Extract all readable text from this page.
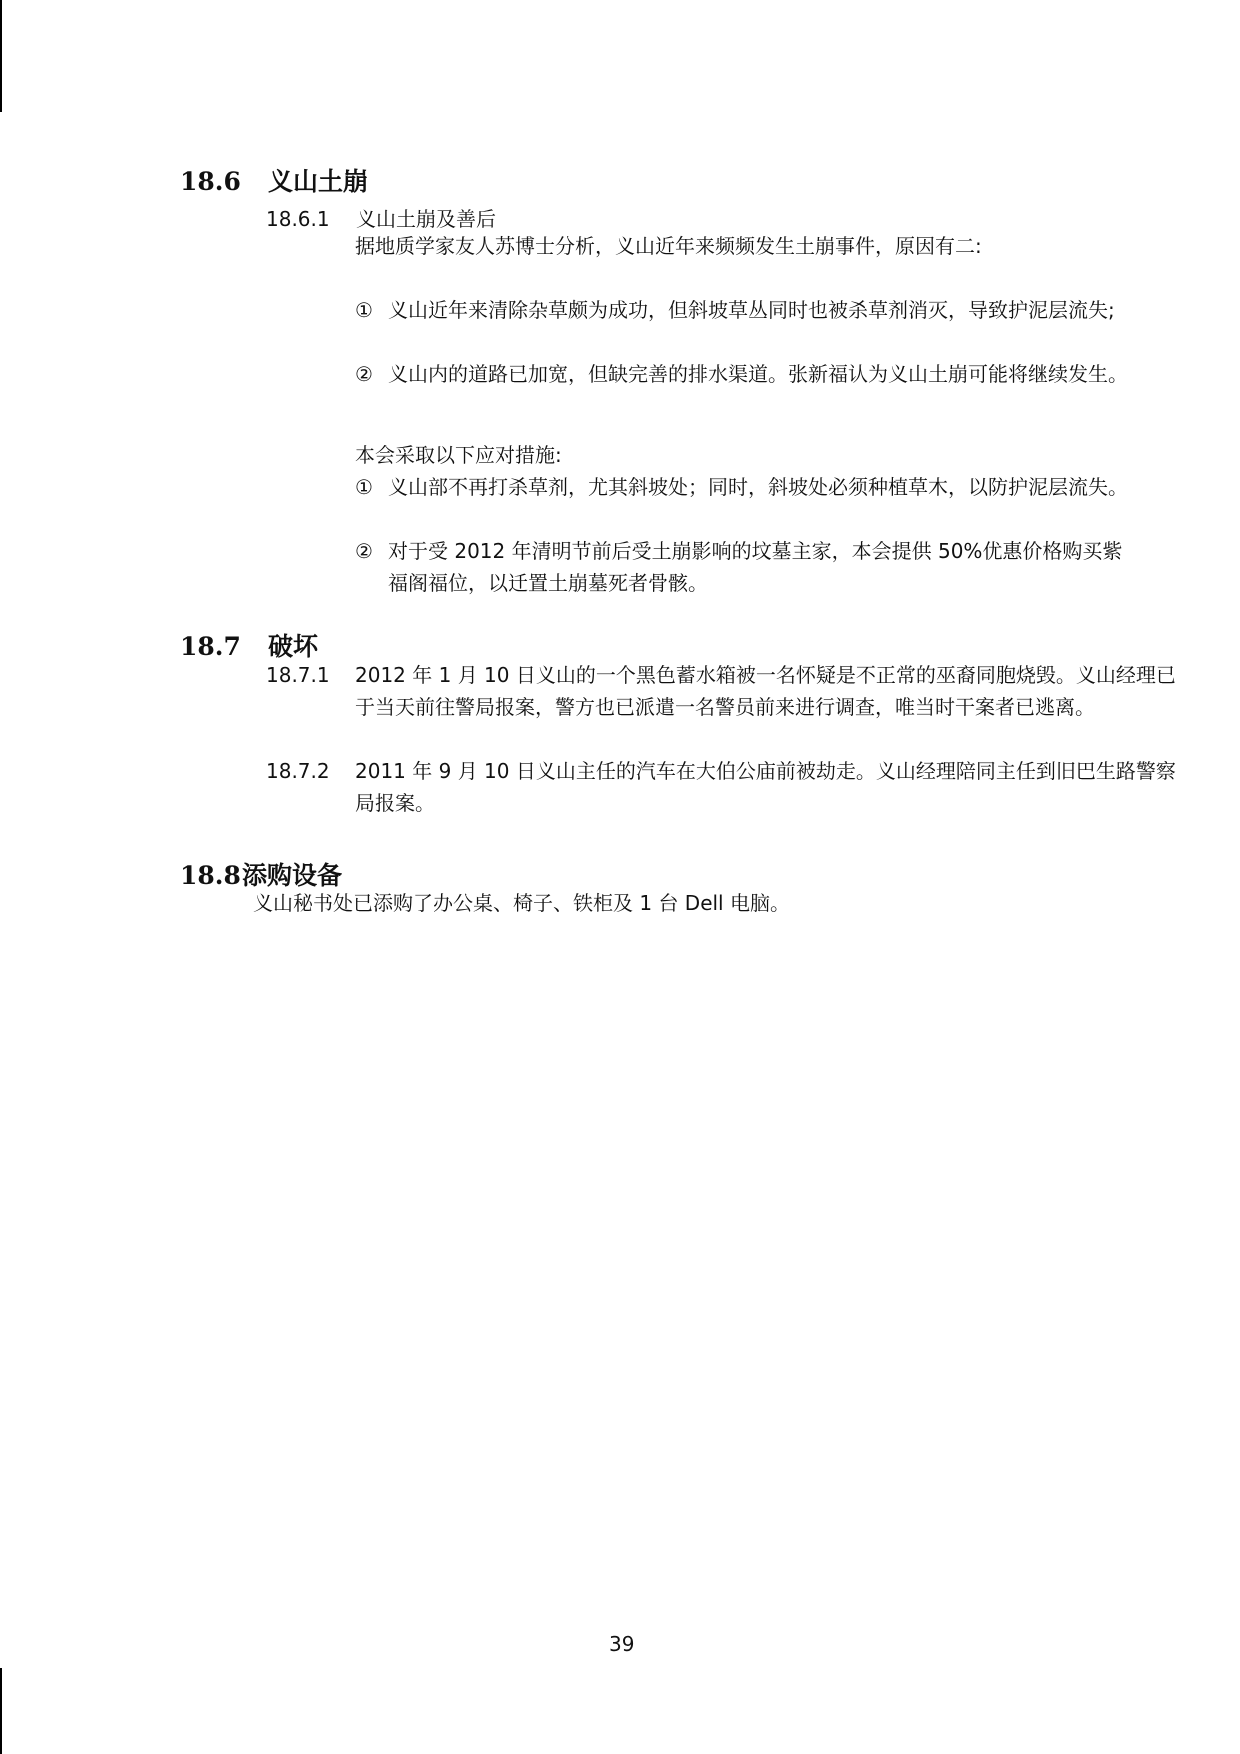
18.6 义山土崩
18.6.1 义山土崩及善后
据地质学家友人苏博士分析，义山近年来频频发生土崩事件，原因有二:
① 义山近年来清除杂草颇为成功，但斜坡草丛同时也被杀草剂消灭，导致护泥层流失;
② 义山内的道路已加宽，但缺完善的排水渠道。张新福认为义山土崩可能将继续发生。
本会采取以下应对措施:
① 义山部不再打杀草剂，尤其斜坡处；同时，斜坡处必须种植草木，以防护泥层流失。
② 对于受 2012 年清明节前后受土崩影响的坟墓主家，本会提供 50%优惠价格购买紫福阁福位，以迁置土崩墓死者骨骸。
18.7 破坏
18.7.1 2012 年 1 月 10 日义山的一个黑色蓄水箱被一名怀疑是不正常的巫裔同胞烧毁。义山经理已于当天前往警局报案，警方也已派遣一名警员前来进行调查，唯当时干案者已逃离。
18.7.2 2011 年 9 月 10 日义山主任的汽车在大伯公庙前被劫走。义山经理陪同主任到旧巴生路警察局报案。
18.8添购设备
义山秘书处已添购了办公桌、椅子、铁柜及 1 台 Dell 电脑。
39
